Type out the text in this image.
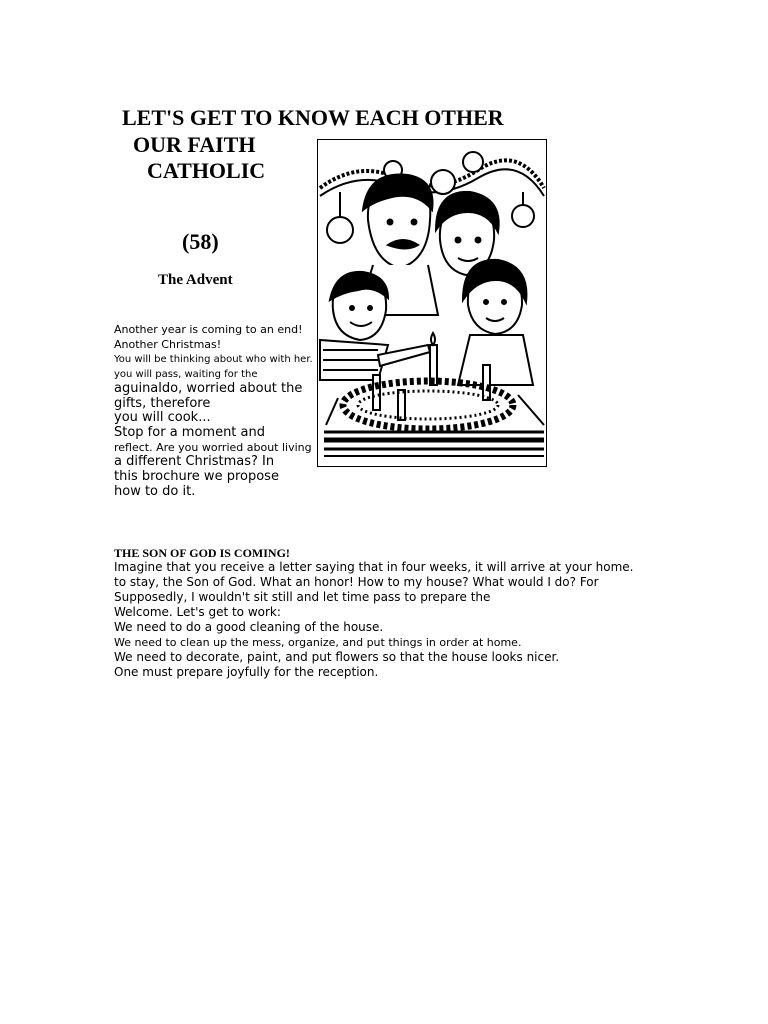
LET'S GET TO KNOW EACH OTHER
OUR FAITH
CATHOLIC
(58)
The Advent
Another year is coming to an end!
Another Christmas!
You will be thinking about who with her.
you will pass, waiting for the
aguinaldo, worried about the
gifts, therefore
you will cook...
Stop for a moment and
reflect. Are you worried about living
a different Christmas? In
this brochure we propose
how to do it.
THE SON OF GOD IS COMING!
Imagine that you receive a letter saying that in four weeks, it will arrive at your home.
to stay, the Son of God. What an honor! How to my house? What would I do? For
Supposedly, I wouldn't sit still and let time pass to prepare the
Welcome. Let's get to work:
We need to do a good cleaning of the house.
We need to clean up the mess, organize, and put things in order at home.
We need to decorate, paint, and put flowers so that the house looks nicer.
One must prepare joyfully for the reception.
